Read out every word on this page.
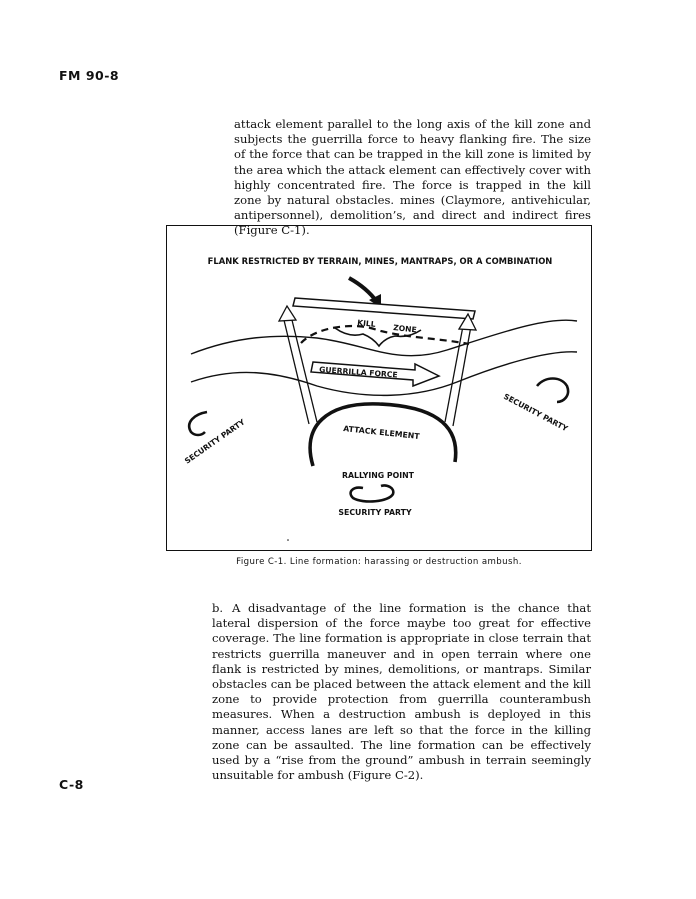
FM 90-8
attack element parallel to the long axis of the kill zone and subjects the guerrilla force to heavy flanking fire. The size of the force that can be trapped in the kill zone is limited by the area which the attack element can effectively cover with highly concentrated fire. The force is trapped in the kill zone by natural obstacles. mines (Claymore, antivehicular, antipersonnel), demolition’s, and direct and indirect fires (Figure C-1).
FLANK RESTRICTED BY TERRAIN, MINES, MANTRAPS, OR A COMBINATION
KILL ZONE
GUERRILLA FORCE
ATTACK ELEMENT
RALLYING POINT
SECURITY PARTY
SECURITY PARTY
SECURITY PARTY
Figure C-1. Line formation: harassing or destruction ambush.
b. A disadvantage of the line formation is the chance that lateral dispersion of the force maybe too great for effective coverage. The line formation is appropriate in close terrain that restricts guerrilla maneuver and in open terrain where one flank is restricted by mines, demolitions, or mantraps. Similar obstacles can be placed between the attack element and the kill zone to provide protection from guerrilla counterambush measures. When a destruction ambush is deployed in this manner, access lanes are left so that the force in the killing zone can be assaulted. The line formation can be effectively used by a “rise from the ground” ambush in terrain seemingly unsuitable for ambush (Figure C-2).
C-8
